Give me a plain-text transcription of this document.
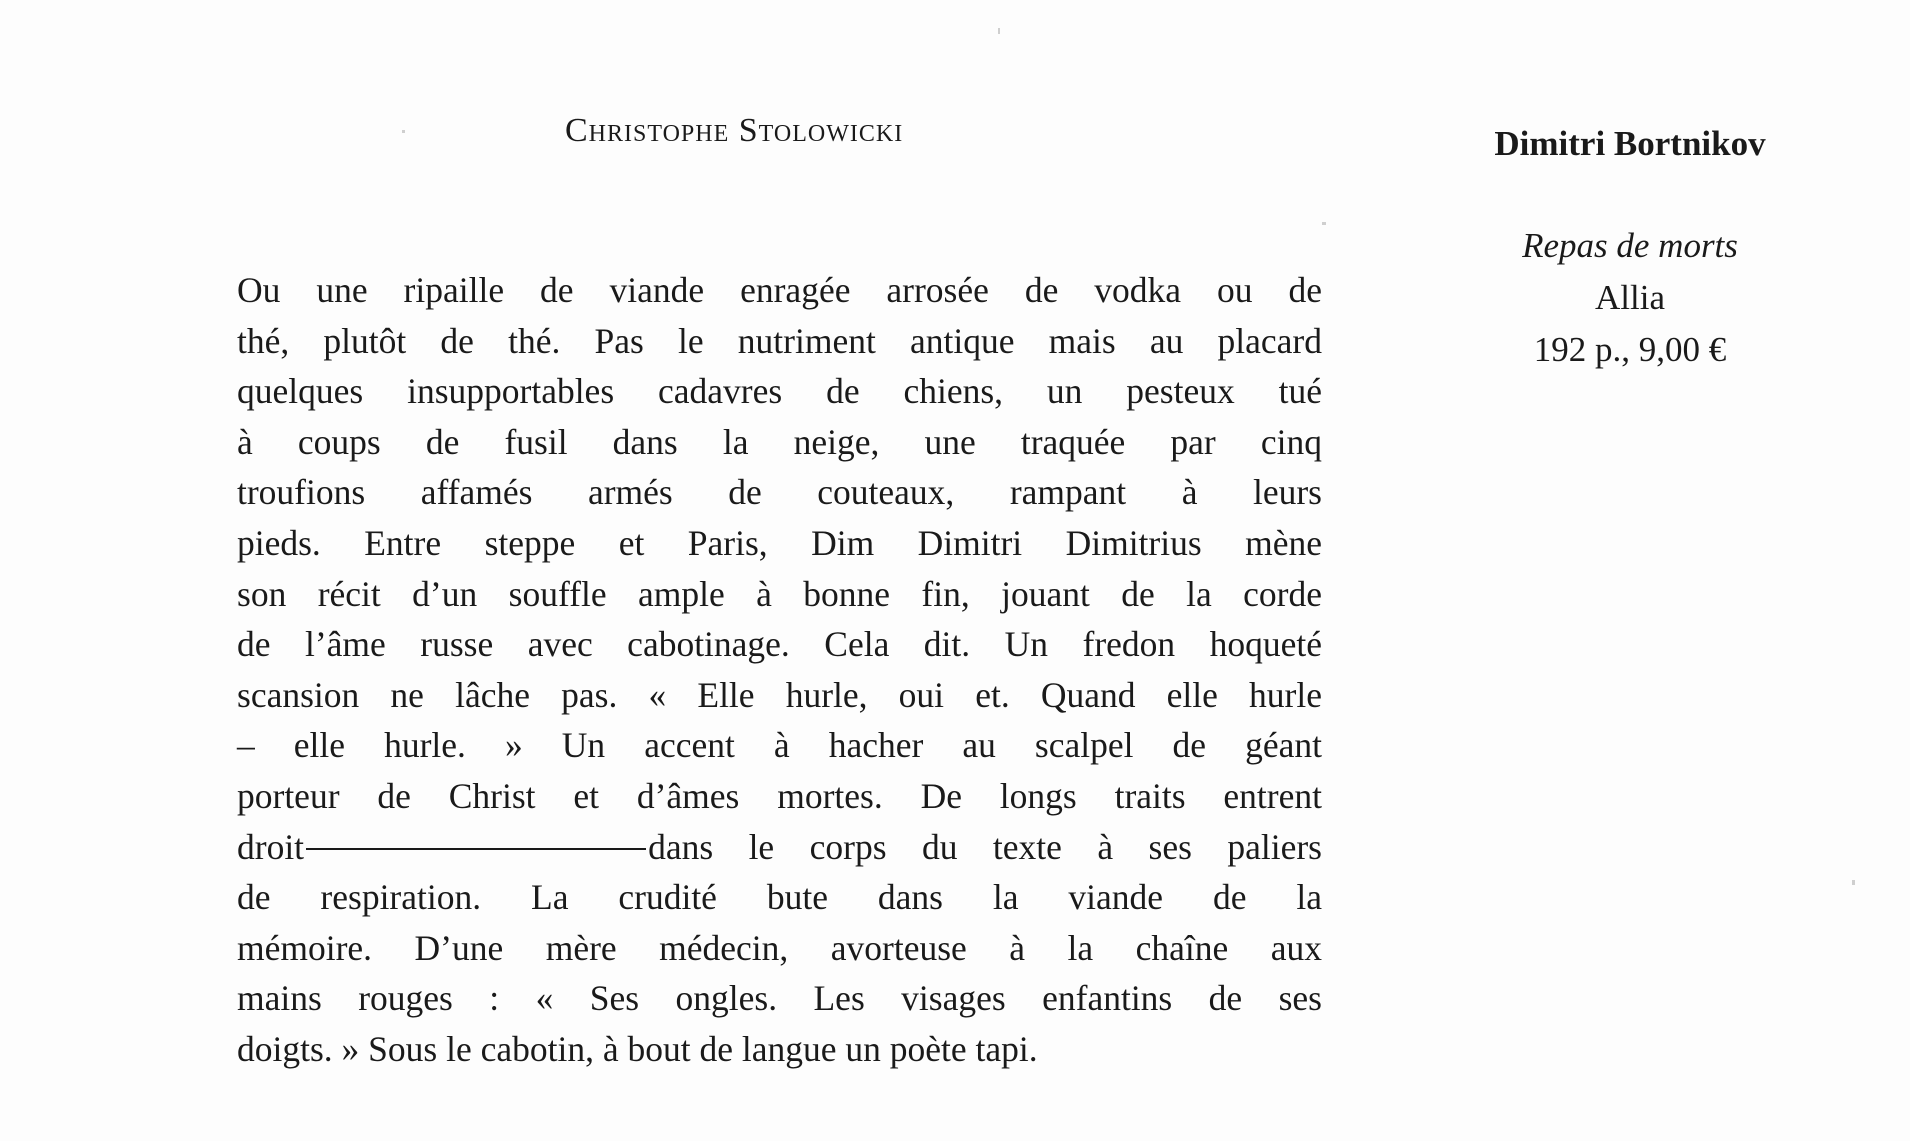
Christophe Stolowicki
Ou une ripaille de viande enragée arrosée de vodka ou de
thé, plutôt de thé. Pas le nutriment antique mais au placard
quelques insupportables cadavres de chiens, un pesteux tué
à coups de fusil dans la neige, une traquée par cinq
troufions affamés armés de couteaux, rampant à leurs
pieds. Entre steppe et Paris, Dim Dimitri Dimitrius mène
son récit d’un souffle ample à bonne fin, jouant de la corde
de l’âme russe avec cabotinage. Cela dit. Un fredon hoqueté
scansion ne lâche pas. « Elle hurle, oui et. Quand elle hurle
– elle hurle. » Un accent à hacher au scalpel de géant
porteur de Christ et d’âmes mortes. De longs traits entrent
droit	dans le corps du texte à ses paliers
de respiration. La crudité bute dans la viande de la
mémoire. D’une mère médecin, avorteuse à la chaîne aux
mains rouges : « Ses ongles. Les visages enfantins de ses
doigts. » Sous le cabotin, à bout de langue un poète tapi.
Dimitri Bortnikov
Repas de morts
Allia
192 p., 9,00 €
